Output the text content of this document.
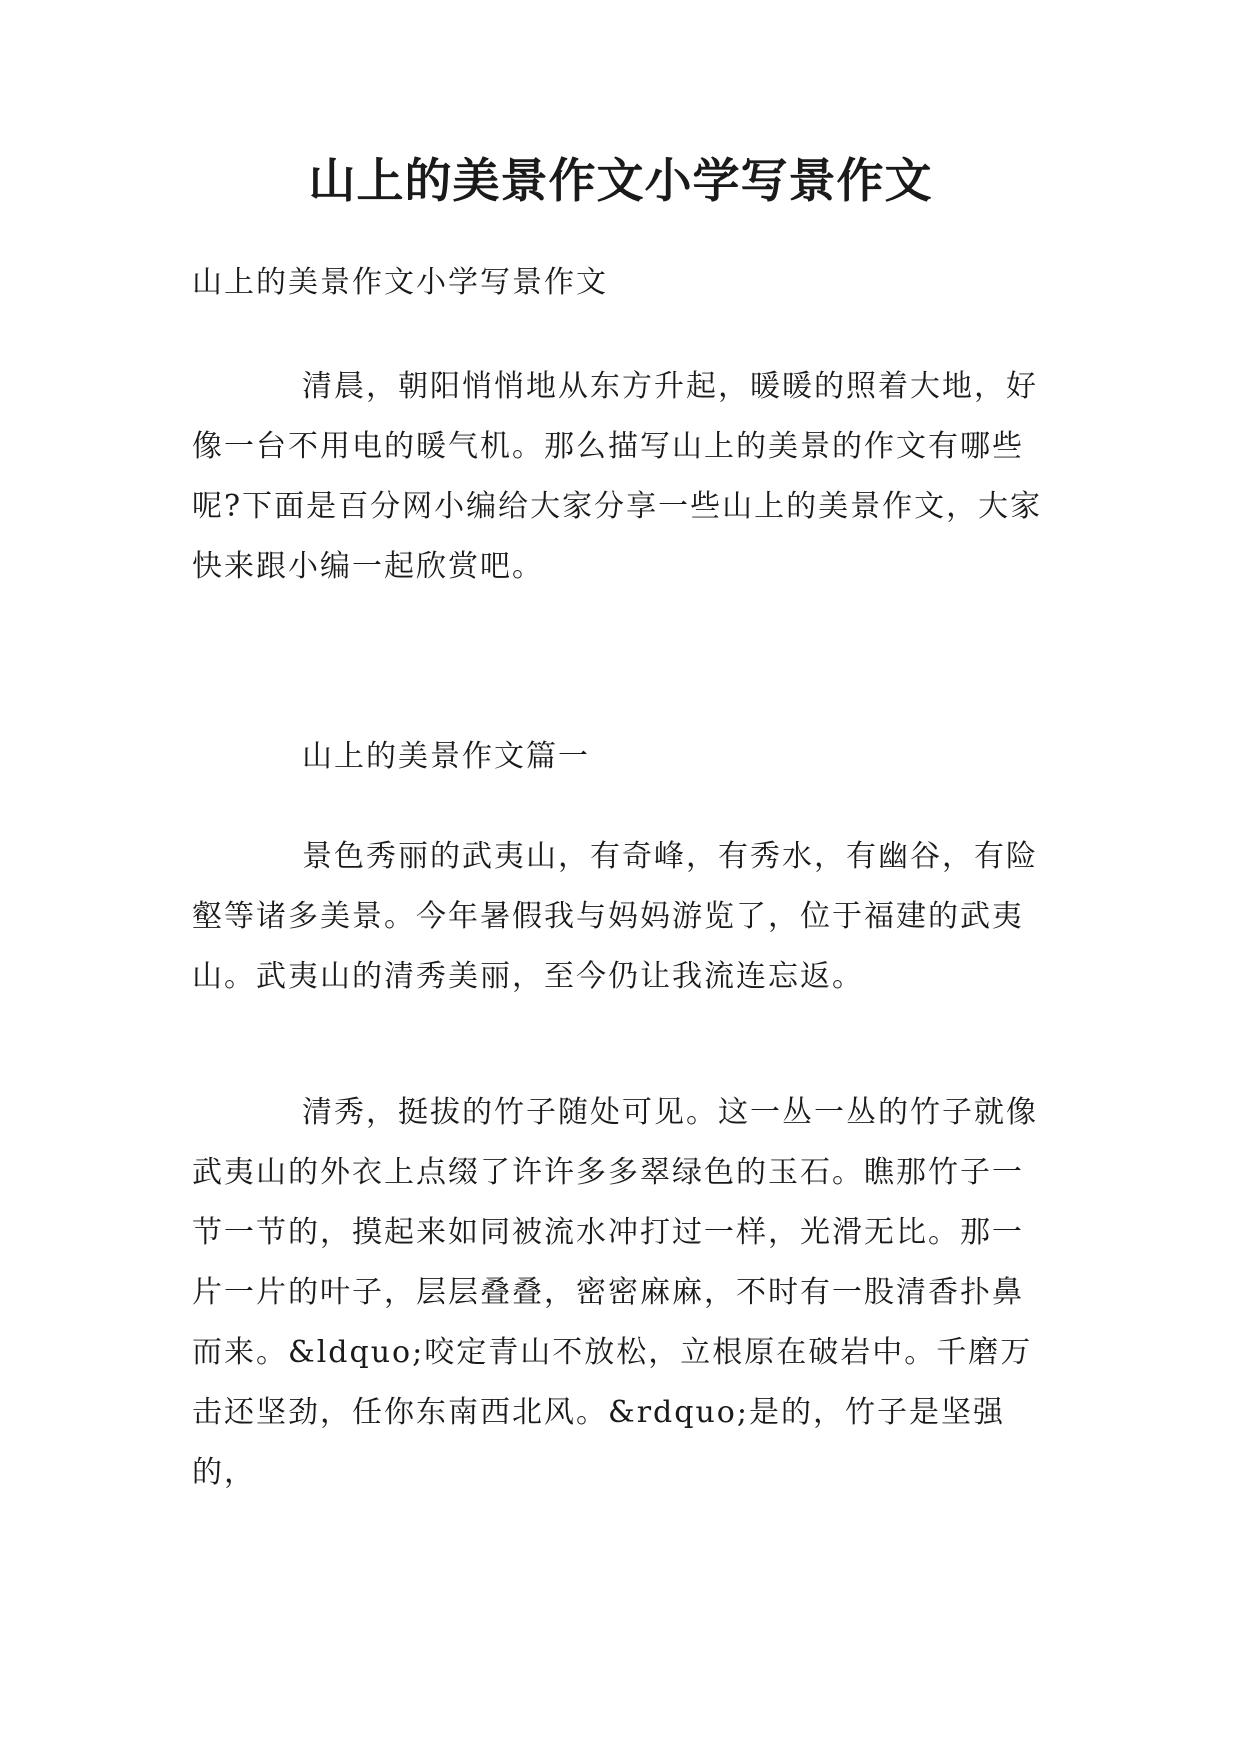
山上的美景作文小学写景作文

山上的美景作文小学写景作文

清晨，朝阳悄悄地从东方升起，暖暖的照着大地，好像一台不用电的暖气机。那么描写山上的美景的作文有哪些呢?下面是百分网小编给大家分享一些山上的美景作文，大家快来跟小编一起欣赏吧。

山上的美景作文篇一

景色秀丽的武夷山，有奇峰，有秀水，有幽谷，有险壑等诸多美景。今年暑假我与妈妈游览了，位于福建的武夷山。武夷山的清秀美丽，至今仍让我流连忘返。

清秀，挺拔的竹子随处可见。这一丛一丛的竹子就像武夷山的外衣上点缀了许许多多翠绿色的玉石。瞧那竹子一节一节的，摸起来如同被流水冲打过一样，光滑无比。那一片一片的叶子，层层叠叠，密密麻麻，不时有一股清香扑鼻而来。&ldquo;咬定青山不放松，立根原在破岩中。千磨万击还坚劲，任你东南西北风。&rdquo;是的，竹子是坚强的，
